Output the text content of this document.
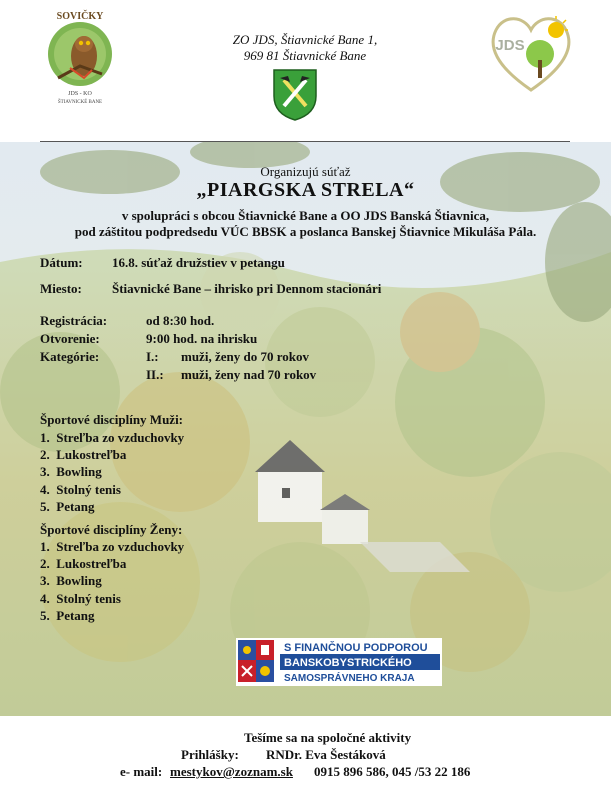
SOVIČKY
JDS - KO
ŠTIAVNICKÉ BANE
ZO JDS, Štiavnické Bane 1,
969 81 Štiavnické Bane
JDS
Organizujú súťaž
„PIARGSKA STRELA“
v spolupráci s obcou Štiavnické Bane a OO JDS Banská Štiavnica,
pod záštitou podpredsedu VÚC BBSK a poslanca Banskej Štiavnice Mikuláša Pála.
Dátum: 16.8. súťaž družstiev v petangu
Miesto: Štiavnické Bane – ihrisko pri Dennom stacionári
Registrácia:	od 8:30 hod.
Otvorenie:	9:00 hod. na ihrisku
Kategórie:	I.: muži, ženy do 70 rokov
II.: muži, ženy nad 70 rokov
Športové disciplíny Muži:
1.  Streľba zo vzduchovky
2.  Lukostreľba
3.  Bowling
4.  Stolný tenis
5.  Petang
Športové disciplíny Ženy:
1.  Streľba zo vzduchovky
2.  Lukostreľba
3.  Bowling
4.  Stolný tenis
5.  Petang
S FINANČNOU PODPOROU
BANSKOBYSTRICKÉHO
SAMOSPRÁVNEHO KRAJA
Tešíme sa na spoločné aktivity
Prihlášky: RNDr. Eva Šestáková
e- mail: mestykov@zoznam.sk 0915 896 586, 045 /53 22 186
